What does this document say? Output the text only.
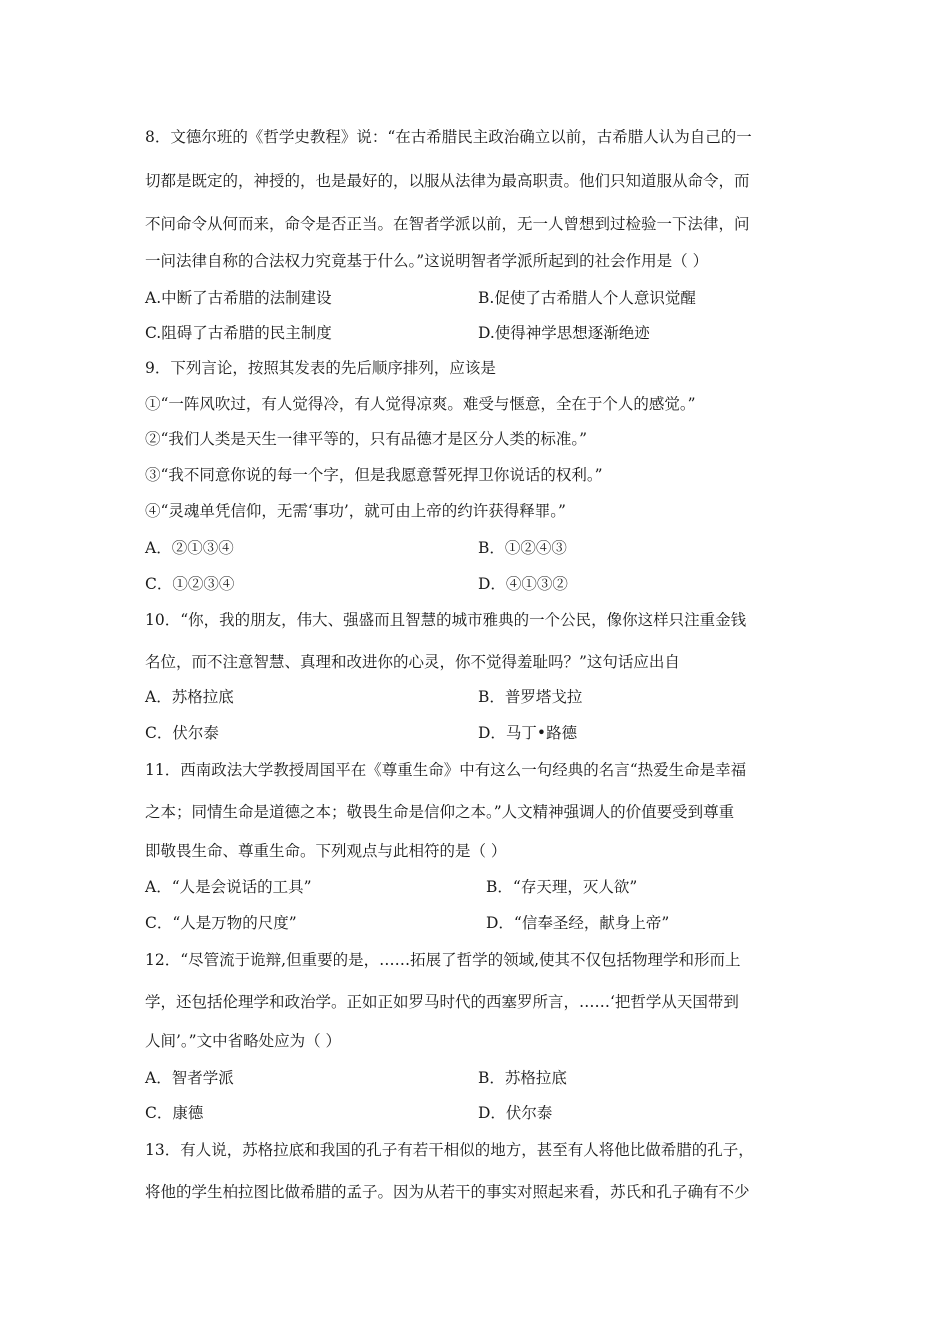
8．文德尔班的《哲学史教程》说：“在古希腊民主政治确立以前，古希腊人认为自己的一
切都是既定的，神授的，也是最好的，以服从法律为最高职责。他们只知道服从命令，而
不问命令从何而来，命令是否正当。在智者学派以前，无一人曾想到过检验一下法律，问
一问法律自称的合法权力究竟基于什么。”这说明智者学派所起到的社会作用是（ ）
A.中断了古希腊的法制建设	B.促使了古希腊人个人意识觉醒
C.阻碍了古希腊的民主制度	D.使得神学思想逐渐绝迹
9．下列言论，按照其发表的先后顺序排列，应该是
①“一阵风吹过，有人觉得冷，有人觉得凉爽。难受与惬意，全在于个人的感觉。”
②“我们人类是天生一律平等的，只有品德才是区分人类的标准。”
③“我不同意你说的每一个字，但是我愿意誓死捍卫你说话的权利。”
④“灵魂单凭信仰，无需‘事功’，就可由上帝的约许获得释罪。”
A．②①③④	B．①②④③
C．①②③④	D．④①③②
10．“你，我的朋友，伟大、强盛而且智慧的城市雅典的一个公民，像你这样只注重金钱
名位，而不注意智慧、真理和改进你的心灵，你不觉得羞耻吗？”这句话应出自
A．苏格拉底	B．普罗塔戈拉
C．伏尔泰	D．马丁•路德
11．西南政法大学教授周国平在《尊重生命》中有这么一句经典的名言“热爱生命是幸福
之本；同情生命是道德之本；敬畏生命是信仰之本。”人文精神强调人的价值要受到尊重
即敬畏生命、尊重生命。下列观点与此相符的是（ ）
A．“人是会说话的工具”	B．“存天理，灭人欲”
C．“人是万物的尺度”	D．“信奉圣经，献身上帝”
12．“尽管流于诡辩,但重要的是，……拓展了哲学的领域,使其不仅包括物理学和形而上
学，还包括伦理学和政治学。正如正如罗马时代的西塞罗所言，……‘把哲学从天国带到
人间’。”文中省略处应为（ ）
A．智者学派	B．苏格拉底
C．康德	D．伏尔泰
13．有人说，苏格拉底和我国的孔子有若干相似的地方，甚至有人将他比做希腊的孔子，
将他的学生柏拉图比做希腊的孟子。因为从若干的事实对照起来看，苏氏和孔子确有不少
